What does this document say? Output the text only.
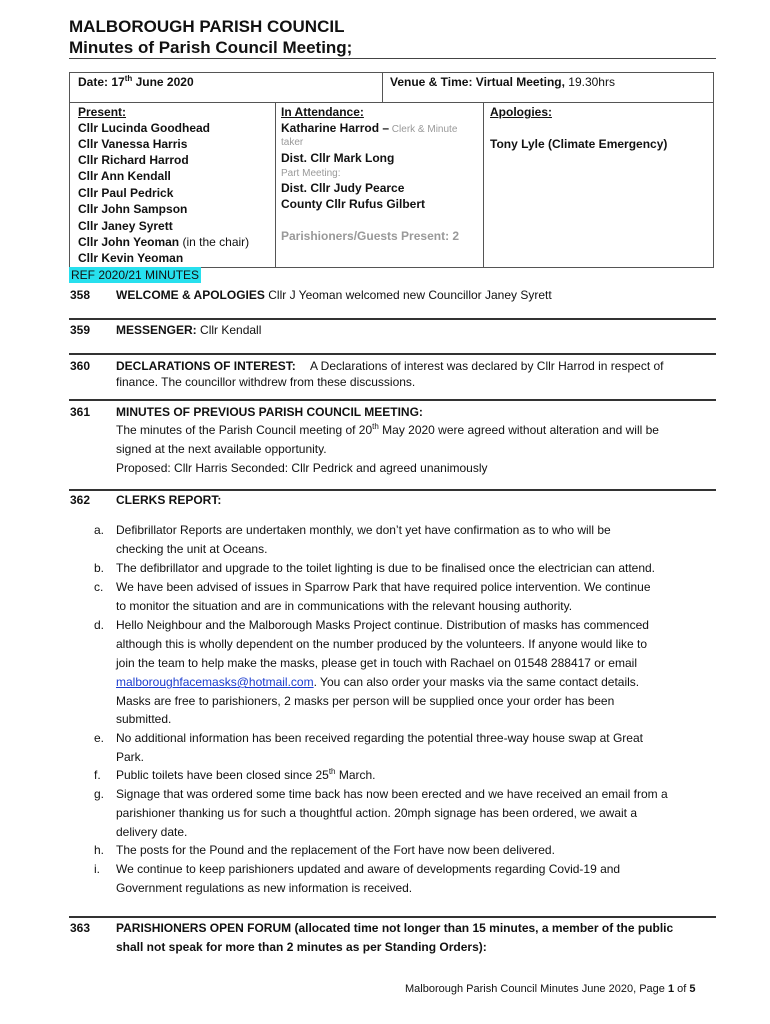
MALBOROUGH PARISH COUNCIL
Minutes of Parish Council Meeting;
Date: 17th June 2020	Venue & Time: Virtual Meeting, 19.30hrs
Present:
Cllr Lucinda Goodhead
Cllr Vanessa Harris
Cllr Richard Harrod
Cllr Ann Kendall
Cllr Paul Pedrick
Cllr John Sampson
Cllr Janey Syrett
Cllr John Yeoman (in the chair)
Cllr Kevin Yeoman
In Attendance:
Katharine Harrod – Clerk & Minute
taker
Dist. Cllr Mark Long
Part Meeting:
Dist. Cllr Judy Pearce
County Cllr Rufus Gilbert
Parishioners/Guests Present: 2
Apologies:
Tony Lyle (Climate Emergency)
REF 2020/21 MINUTES
358 WELCOME & APOLOGIES Cllr J Yeoman welcomed new Councillor Janey Syrett
359 MESSENGER: Cllr Kendall
360 DECLARATIONS OF INTEREST: A Declarations of interest was declared by Cllr Harrod in respect of
finance. The councillor withdrew from these discussions.
361 MINUTES OF PREVIOUS PARISH COUNCIL MEETING:
The minutes of the Parish Council meeting of 20th May 2020 were agreed without alteration and will be
signed at the next available opportunity.
Proposed: Cllr Harris Seconded: Cllr Pedrick and agreed unanimously
362 CLERKS REPORT:
a. Defibrillator Reports are undertaken monthly, we don’t yet have confirmation as to who will be
checking the unit at Oceans.
b. The defibrillator and upgrade to the toilet lighting is due to be finalised once the electrician can attend.
c. We have been advised of issues in Sparrow Park that have required police intervention. We continue
to monitor the situation and are in communications with the relevant housing authority.
d. Hello Neighbour and the Malborough Masks Project continue. Distribution of masks has commenced
although this is wholly dependent on the number produced by the volunteers. If anyone would like to
join the team to help make the masks, please get in touch with Rachael on 01548 288417 or email
malboroughfacemasks@hotmail.com. You can also order your masks via the same contact details.
Masks are free to parishioners, 2 masks per person will be supplied once your order has been
submitted.
e. No additional information has been received regarding the potential three-way house swap at Great
Park.
f. Public toilets have been closed since 25th March.
g. Signage that was ordered some time back has now been erected and we have received an email from a
parishioner thanking us for such a thoughtful action. 20mph signage has been ordered, we await a
delivery date.
h. The posts for the Pound and the replacement of the Fort have now been delivered.
i. We continue to keep parishioners updated and aware of developments regarding Covid-19 and
Government regulations as new information is received.
363 PARISHIONERS OPEN FORUM (allocated time not longer than 15 minutes, a member of the public
shall not speak for more than 2 minutes as per Standing Orders):
Malborough Parish Council Minutes June 2020, Page 1 of 5
